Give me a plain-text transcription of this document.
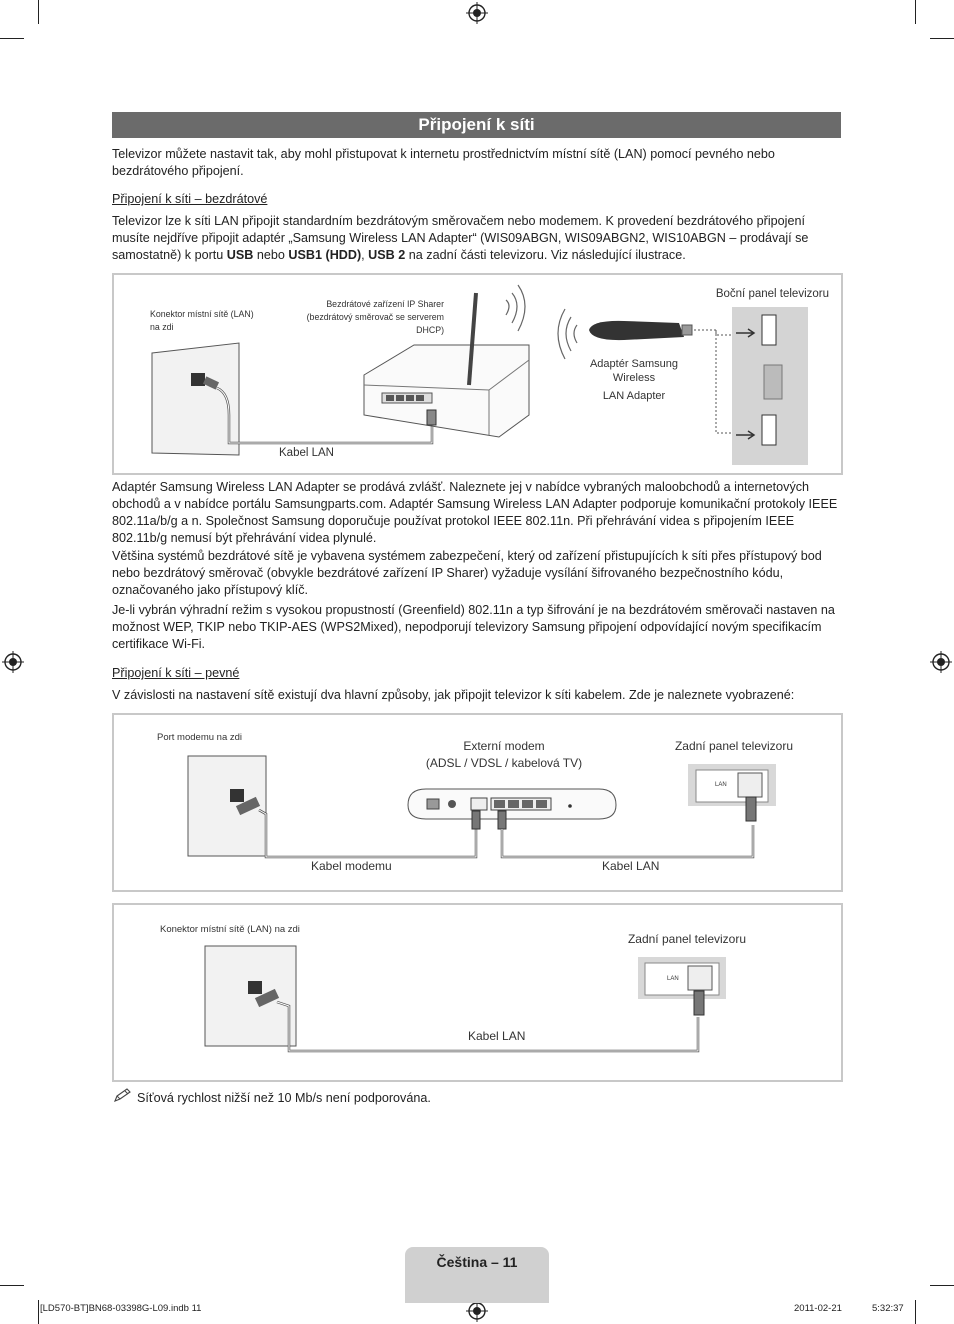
Připojení k síti

Televizor můžete nastavit tak, aby mohl přistupovat k internetu prostřednictvím místní sítě (LAN) pomocí pevného nebo bezdrátového připojení.

Připojení k síti – bezdrátové

Televizor lze k síti LAN připojit standardním bezdrátovým směrovačem nebo modemem. K provedení bezdrátového připojení musíte nejdříve připojit adaptér „Samsung Wireless LAN Adapter“ (WIS09ABGN, WIS09ABGN2, WIS10ABGN – prodávají se samostatně) k portu USB nebo USB1 (HDD), USB 2 na zadní části televizoru. Viz následující ilustrace.

Konektor místní sítě (LAN) na zdi
Bezdrátové zařízení IP Sharer (bezdrátový směrovač se serverem DHCP)
Boční panel televizoru
Adaptér Samsung Wireless
LAN Adapter
Kabel LAN

Adaptér Samsung Wireless LAN Adapter se prodává zvlášť. Naleznete jej v nabídce vybraných maloobchodů a internetových obchodů a v nabídce portálu Samsungparts.com. Adaptér Samsung Wireless LAN Adapter podporuje komunikační protokoly IEEE 802.11a/b/g a n. Společnost Samsung doporučuje používat protokol IEEE 802.11n. Při přehrávání videa s připojením IEEE 802.11b/g nemusí být přehrávání videa plynulé.

Většina systémů bezdrátové sítě je vybavena systémem zabezpečení, který od zařízení přistupujících k síti přes přístupový bod nebo bezdrátový směrovač (obvykle bezdrátové zařízení IP Sharer) vyžaduje vysílání šifrovaného bezpečnostního kódu, označovaného jako přístupový klíč.

Je-li vybrán výhradní režim s vysokou propustností (Greenfield) 802.11n a typ šifrování je na bezdrátovém směrovači nastaven na možnost WEP, TKIP nebo TKIP-AES (WPS2Mixed), nepodporují televizory Samsung připojení odpovídající novým specifikacím certifikace Wi-Fi.

Připojení k síti – pevné

V závislosti na nastavení sítě existují dva hlavní způsoby, jak připojit televizor k síti kabelem. Zde je naleznete vyobrazené:

Port modemu na zdi
Externí modem
(ADSL / VDSL / kabelová TV)
Zadní panel televizoru
Kabel modemu	Kabel LAN
LAN
Konektor místní sítě (LAN) na zdi
Zadní panel televizoru
Kabel LAN
LAN
Síťová rychlost nižší než 10 Mb/s není podporována.
Čeština – 11
[LD570-BT]BN68-03398G-L09.indb 11	2011-02-21	5:32:37
